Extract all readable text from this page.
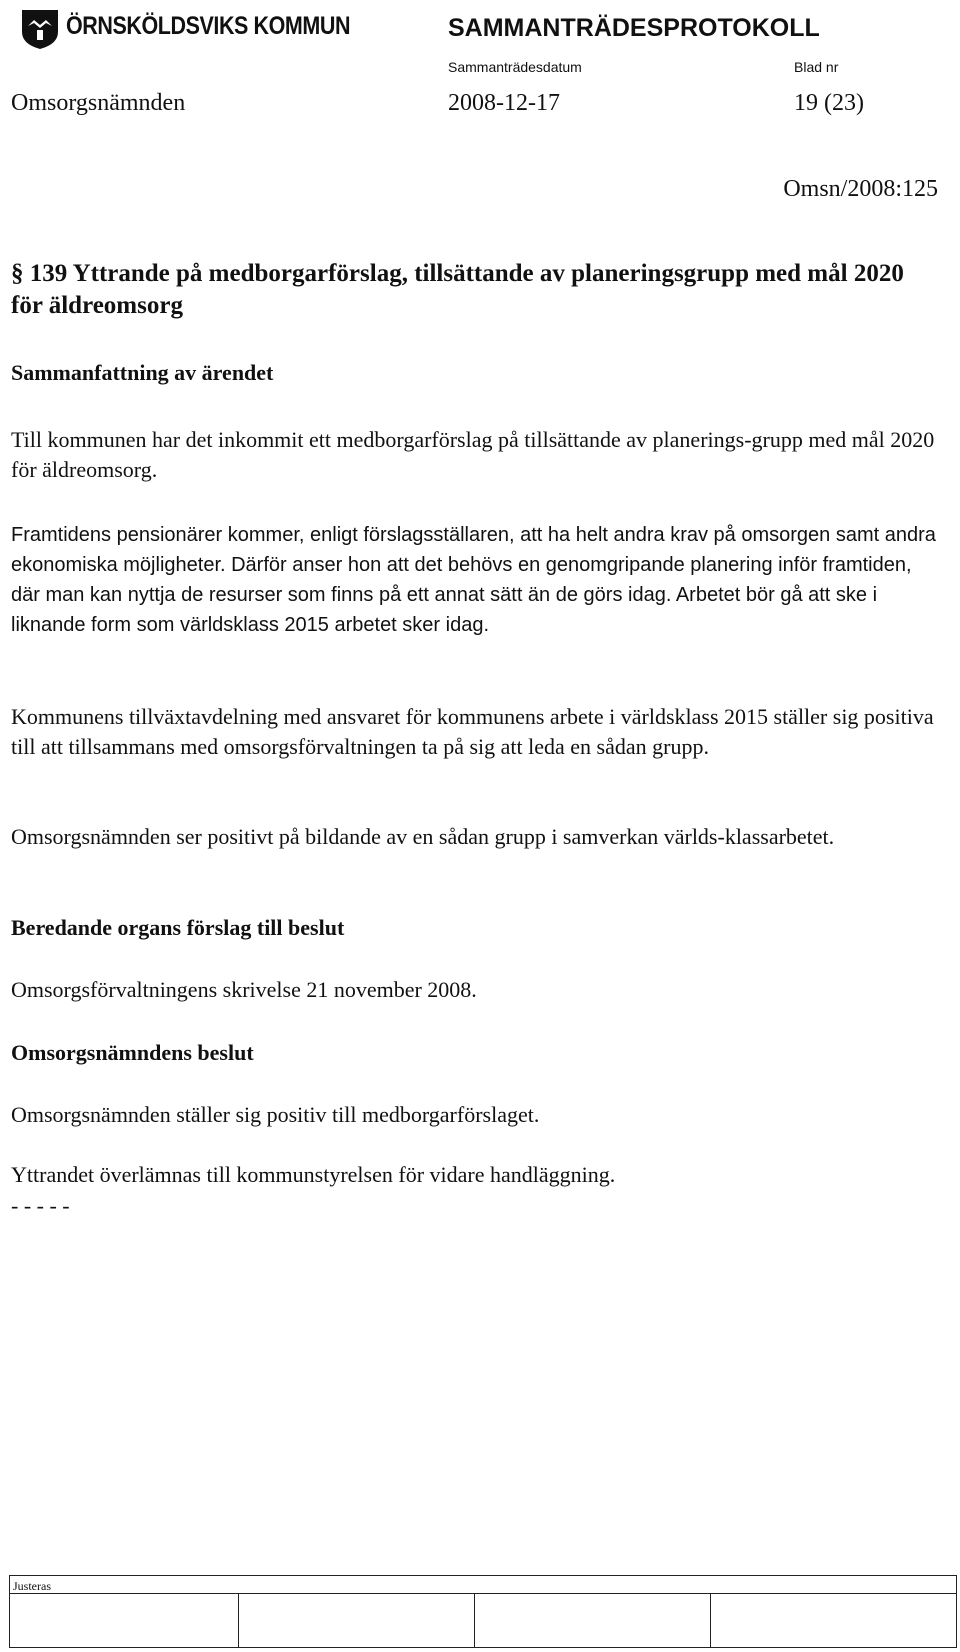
ÖRNSKÖLDSVIKS KOMMUN	SAMMANTRÄDESPROTOKOLL
Sammanträdesdatum	Blad nr
Omsorgsnämnden	2008-12-17	19 (23)
Omsn/2008:125
§ 139 Yttrande på medborgarförslag, tillsättande av planeringsgrupp med mål 2020 för äldreomsorg
Sammanfattning av ärendet
Till kommunen har det inkommit ett medborgarförslag på tillsättande av planerings-grupp med mål 2020 för äldreomsorg.
Framtidens pensionärer kommer, enligt förslagsställaren, att ha helt andra krav på omsorgen samt andra ekonomiska möjligheter. Därför anser hon att det behövs en genomgripande planering inför framtiden, där man kan nyttja de resurser som finns på ett annat sätt än de görs idag. Arbetet bör gå att ske i liknande form som världsklass 2015 arbetet sker idag.
Kommunens tillväxtavdelning med ansvaret för kommunens arbete i världsklass 2015 ställer sig positiva till att tillsammans med omsorgsförvaltningen ta på sig att leda en sådan grupp.
Omsorgsnämnden ser positivt på bildande av en sådan grupp i samverkan världs-klassarbetet.
Beredande organs förslag till beslut
Omsorgsförvaltningens skrivelse 21 november 2008.
Omsorgsnämndens beslut
Omsorgsnämnden ställer sig positiv till medborgarförslaget.
Yttrandet överlämnas till kommunstyrelsen för vidare handläggning.
- - - - -
Justeras
